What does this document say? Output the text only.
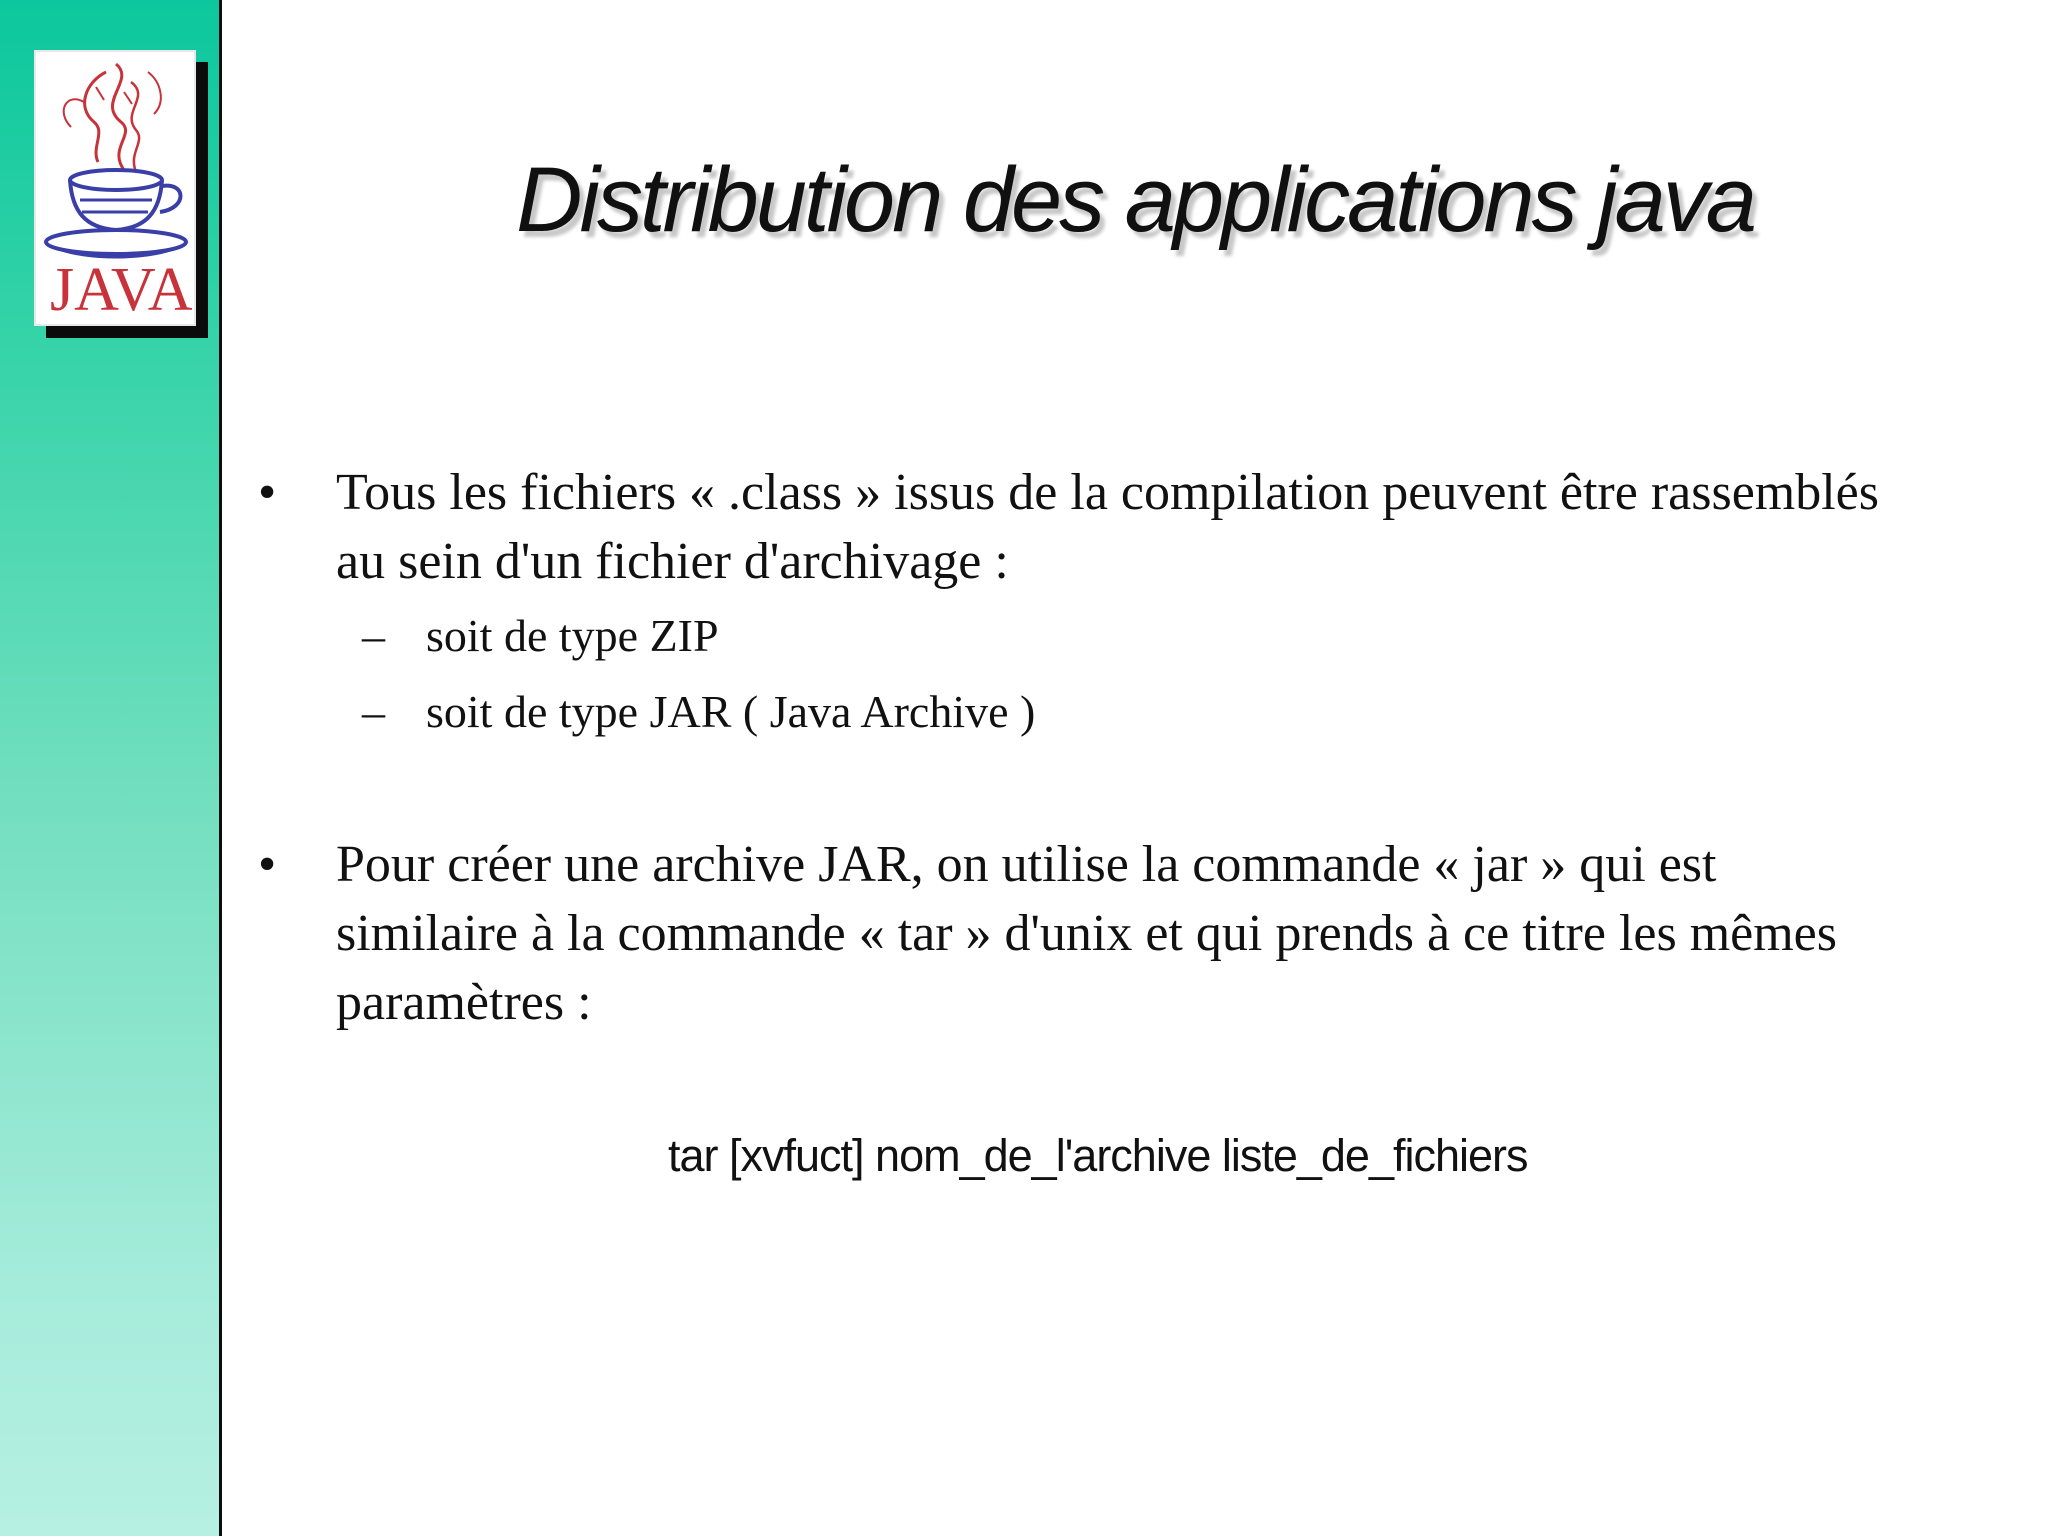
JAVA
Distribution des applications java
• Tous les fichiers « .class » issus de la compilation peuvent être rassemblés au sein d'un fichier d'archivage :
– soit de type ZIP
– soit de type JAR ( Java Archive )
• Pour créer une archive JAR, on utilise la commande « jar » qui est similaire à la commande « tar » d'unix et qui prends à ce titre les mêmes paramètres :
tar [xvfuct] nom_de_l'archive liste_de_fichiers
